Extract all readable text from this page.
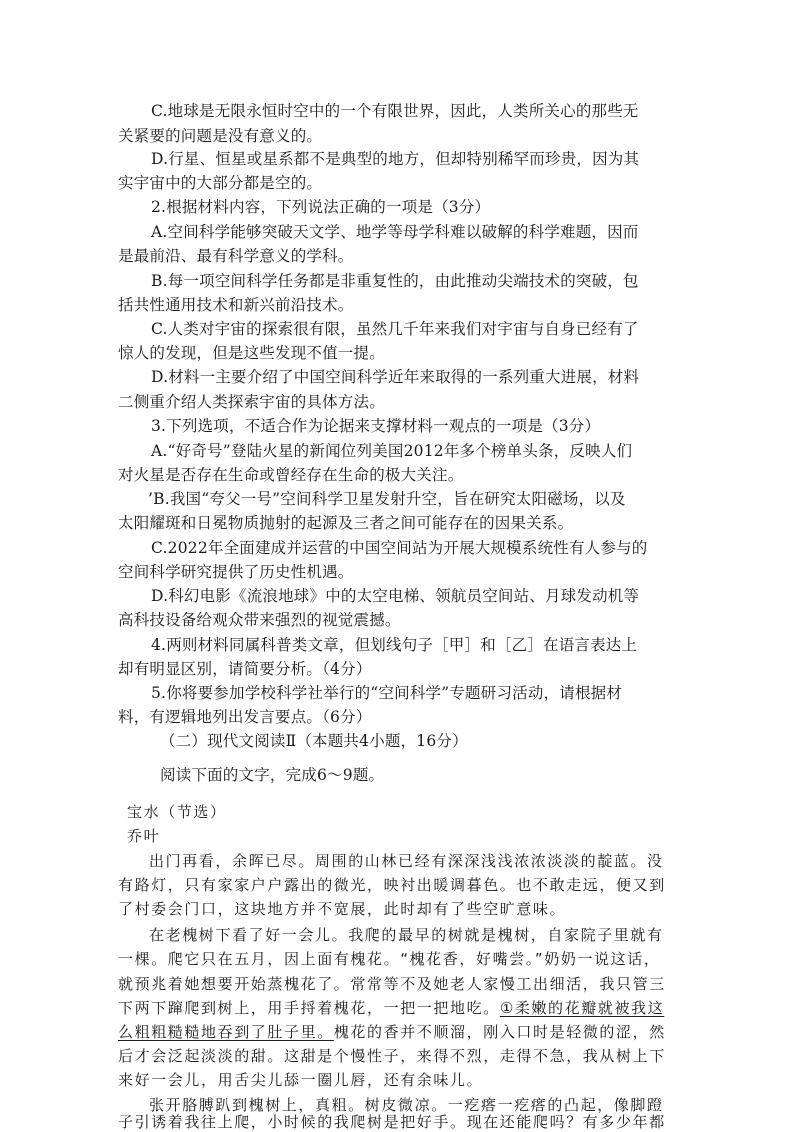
C.地球是无限永恒时空中的一个有限世界，因此，人类所关心的那些无
关紧要的问题是没有意义的。
D.行星、恒星或星系都不是典型的地方，但却特别稀罕而珍贵，因为其
实宇宙中的大部分都是空的。
2.根据材料内容，下列说法正确的一项是（3分）
A.空间科学能够突破天文学、地学等母学科难以破解的科学难题，因而
是最前沿、最有科学意义的学科。
B.每一项空间科学任务都是非重复性的，由此推动尖端技术的突破，包
括共性通用技术和新兴前沿技术。
C.人类对宇宙的探索很有限，虽然几千年来我们对宇宙与自身已经有了
惊人的发现，但是这些发现不值一提。
D.材料一主要介绍了中国空间科学近年来取得的一系列重大进展，材料
二侧重介绍人类探索宇宙的具体方法。
3.下列选项，不适合作为论据来支撑材料一观点的一项是（3分）
A.“好奇号”登陆火星的新闻位列美国2012年多个榜单头条，反映人们
对火星是否存在生命或曾经存在生命的极大关注。
’B.我国“夸父一号”空间科学卫星发射升空，旨在研究太阳磁场，以及
太阳耀斑和日冕物质抛射的起源及三者之间可能存在的因果关系。
C.2022年全面建成并运营的中国空间站为开展大规模系统性有人参与的
空间科学研究提供了历史性机遇。
D.科幻电影《流浪地球》中的太空电梯、领航员空间站、月球发动机等
高科技设备给观众带来强烈的视觉震撼。
4.两则材料同属科普类文章，但划线句子［甲］和［乙］在语言表达上
却有明显区别，请简要分析。（4分）
5.你将要参加学校科学社举行的“空间科学”专题研习活动，请根据材
料，有逻辑地列出发言要点。（6分）
（二）现代文阅读Ⅱ（本题共4小题，16分）
阅读下面的文字，完成6～9题。
宝水（节选）
乔叶
出门再看，余晖已尽。周围的山林已经有深深浅浅浓浓淡淡的靛蓝。没
有路灯，只有家家户户露出的微光，映衬出暖调暮色。也不敢走远，便又到
了村委会门口，这块地方并不宽展，此时却有了些空旷意味。
在老槐树下看了好一会儿。我爬的最早的树就是槐树，自家院子里就有
一棵。爬它只在五月，因上面有槐花。“槐花香，好嘴尝。”奶奶一说这话，
就预兆着她想要开始蒸槐花了。常常等不及她老人家慢工出细活，我只管三
下两下蹿爬到树上，用手捋着槐花，一把一把地吃。①柔嫩的花瓣就被我这
么粗粗糙糙地吞到了肚子里。槐花的香并不顺溜，刚入口时是轻微的涩，然
后才会泛起淡淡的甜。这甜是个慢性子，来得不烈，走得不急，我从树上下
来好一会儿，用舌尖儿舔一圈儿唇，还有余味儿。
张开胳膊趴到槐树上，真粗。树皮微凉。一疙瘩一疙瘩的凸起，像脚蹬
子引诱着我往上爬，小时候的我爬树是把好手。现在还能爬吗？有多少年都
